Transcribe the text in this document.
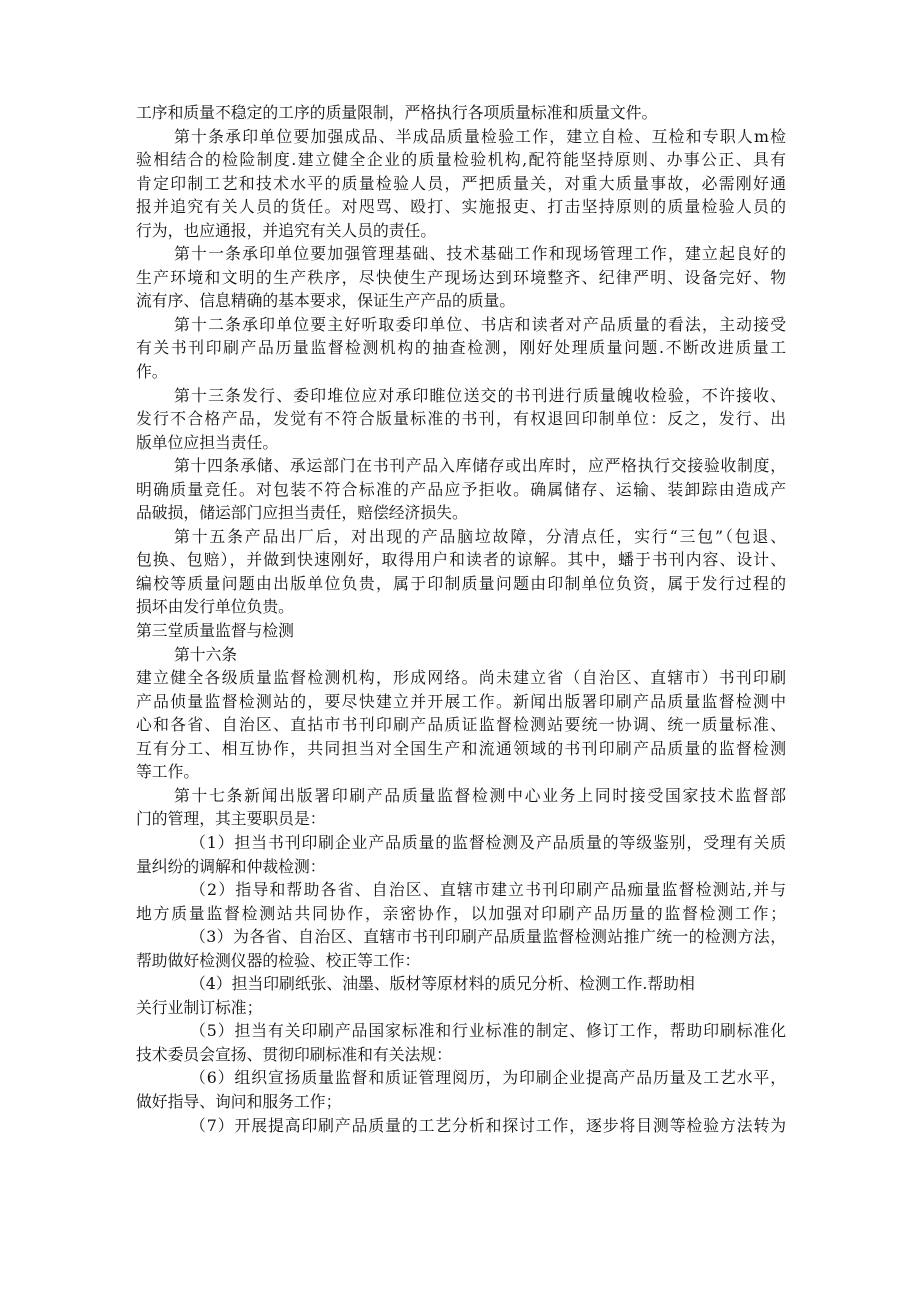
工序和质量不稳定的工序的质量限制，严格执行各项质量标准和质量文件。
第十条承印单位要加强成品、半成品质量检验工作，建立自检、互检和专职人m检
验相结合的检险制度.建立健全企业的质量检验机构,配符能坚持原则、办事公正、具有
肯定印制工艺和技术水平的质量检验人员，严把质量关，对重大质量事故，必需刚好通
报并追究有关人员的货任。对咫骂、殴打、实施报吏、打击坚持原则的质量检验人员的
行为，也应通报，并追究有关人员的责任。
第十一条承印单位要加强管理基础、技术基础工作和现场管理工作，建立起良好的
生产环境和文明的生产秩序，尽快使生产现场达到环境整齐、纪律严明、设备完好、物
流有序、信息精确的基本要求，保证生产产品的质量。
第十二条承印单位要主好听取委印单位、书店和读者对产品质量的看法，主动接受
有关书刊印刷产品历量监督检测机构的抽查检测，刚好处理质量问题.不断改进质量工
作。
第十三条发行、委印堆位应对承印睢位送交的书刊进行质量魄收检验，不许接收、
发行不合格产品，发觉有不符合版量标准的书刊，有权退回印制单位：反之，发行、出
版单位应担当责任。
第十四条承储、承运部门在书刊产品入库储存或出库时，应严格执行交接验收制度，
明确质量竞任。对包装不符合标准的产品应予拒收。确属储存、运输、装卸踪由造成产
品破损，储运部门应担当责任，赔偿经济损失。
第十五条产品出厂后，对出现的产品脑垃故障，分清点任，实行“三包”（包退、
包换、包赔），并做到快速刚好，取得用户和读者的谅解。其中，蟠于书刊内容、设计、
编校等质量问题由出版单位负贵，属于印制质量问题由印制单位负资，属于发行过程的
损坏由发行单位负贵。
第三堂质量监督与检测
第十六条
建立健全各级质量监督检测机构，形成网络。尚未建立省（自治区、直辖市）书刊印刷
产品侦量监督检测站的，要尽快建立并开展工作。新闻出版署印刷产品质量监督检测中
心和各省、自治区、直拈市书刊印刷产品质证监督检测站要统一协调、统一质量标准、
互有分工、相互协作，共同担当对全国生产和流通领域的书刊印刷产品质量的监督检测
等工作。
第十七条新闻出版署印刷产品质量监督检测中心业务上同时接受国家技术监督部
门的管理，其主要职员是：
（1）担当书刊印刷企业产品质量的监督检测及产品质量的等级鉴别，受理有关质
量纠纷的调解和仲裁检测：
（2）指导和帮助各省、自治区、直辖市建立书刊印刷产品痂量监督检测站,并与
地方质量监督检测站共同协作，亲密协作，以加强对印刷产品历量的监督检测工作；
（3）为各省、自治区、直辖市书刊印刷产品质量监督检测站推广统一的检测方法，
帮助做好检测仪器的检验、校正等工作：
（4）担当印刷纸张、油墨、版材等原材料的质兄分析、检测工作.帮助相
关行业制订标准；
（5）担当有关印刷产品国家标准和行业标准的制定、修订工作，帮助印刷标准化
技术委员会宣扬、贯彻印刷标准和有关法规：
（6）组织宣扬质量监督和质证管理阅历，为印刷企业提高产品历量及工艺水平，
做好指导、询问和服务工作；
（7）开展提高印刷产品质量的工艺分析和探讨工作，逐步将目测等检验方法转为
